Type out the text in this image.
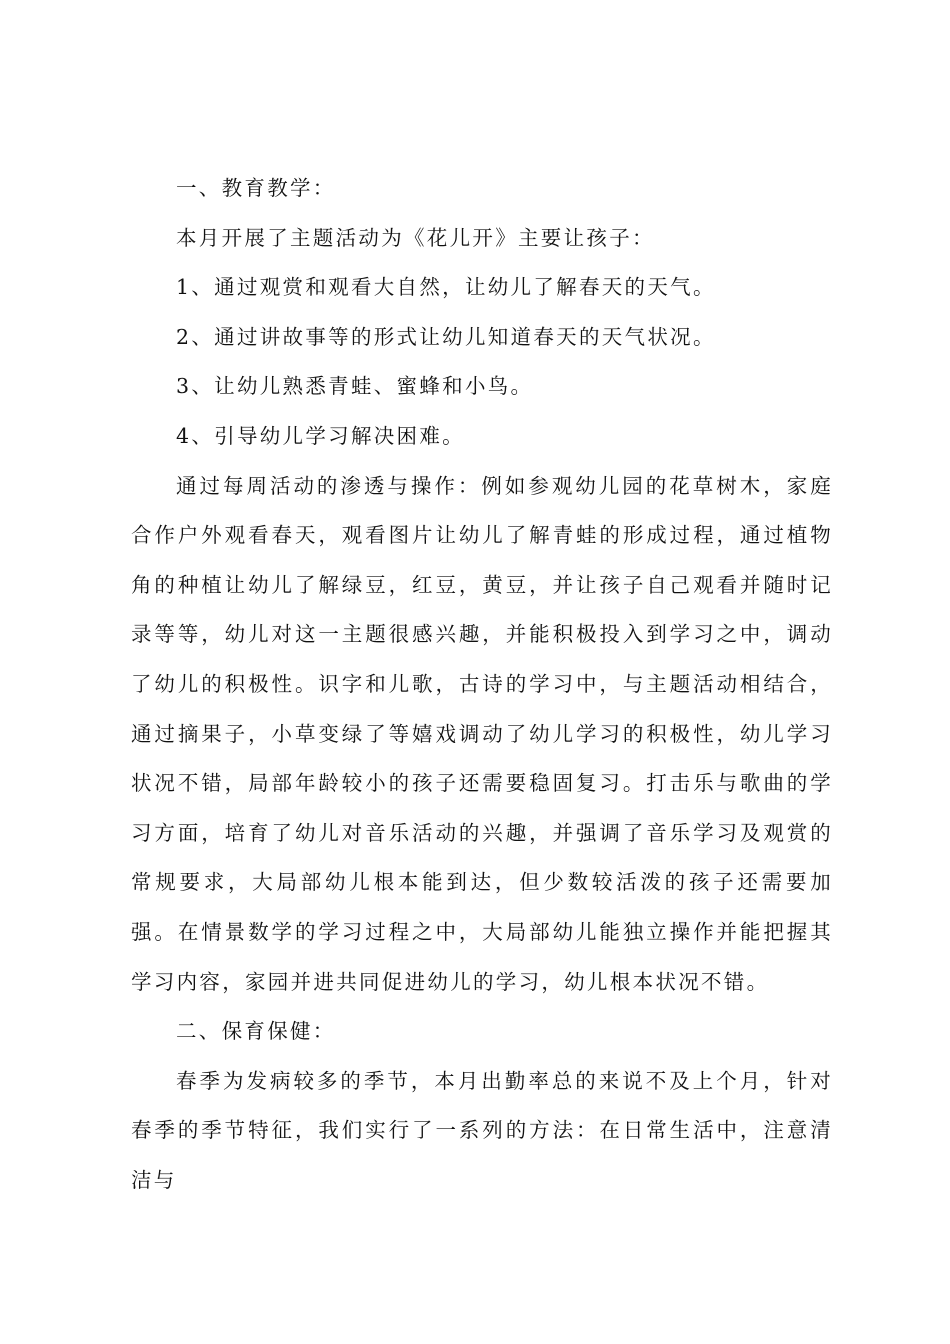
一、教育教学：

本月开展了主题活动为《花儿开》主要让孩子：

1、通过观赏和观看大自然，让幼儿了解春天的天气。

2、通过讲故事等的形式让幼儿知道春天的天气状况。

3、让幼儿熟悉青蛙、蜜蜂和小鸟。

4、引导幼儿学习解决困难。

通过每周活动的渗透与操作：例如参观幼儿园的花草树木，家庭合作户外观看春天，观看图片让幼儿了解青蛙的形成过程，通过植物角的种植让幼儿了解绿豆，红豆，黄豆，并让孩子自己观看并随时记录等等，幼儿对这一主题很感兴趣，并能积极投入到学习之中，调动了幼儿的积极性。识字和儿歌，古诗的学习中，与主题活动相结合，通过摘果子，小草变绿了等嬉戏调动了幼儿学习的积极性，幼儿学习状况不错，局部年龄较小的孩子还需要稳固复习。打击乐与歌曲的学习方面，培育了幼儿对音乐活动的兴趣，并强调了音乐学习及观赏的常规要求，大局部幼儿根本能到达，但少数较活泼的孩子还需要加强。在情景数学的学习过程之中，大局部幼儿能独立操作并能把握其学习内容，家园并进共同促进幼儿的学习，幼儿根本状况不错。

二、保育保健：

春季为发病较多的季节，本月出勤率总的来说不及上个月，针对春季的季节特征，我们实行了一系列的方法：在日常生活中，注意清洁与
